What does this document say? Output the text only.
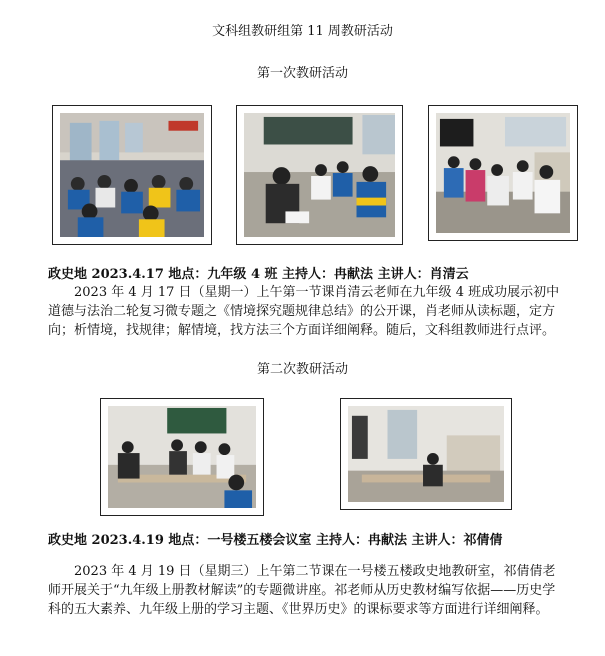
文科组教研组第 11 周教研活动
第一次教研活动
政史地 2023.4.17 地点：九年级 4 班 主持人：冉献法 主讲人：肖清云

2023 年 4 月 17 日（星期一）上午第一节课肖清云老师在九年级 4 班成功展示初中道德与法治二轮复习微专题之《情境探究题规律总结》的公开课，肖老师从读标题，定方向；析情境，找规律；解情境，找方法三个方面详细阐释。随后，文科组教师进行点评。

第二次教研活动
政史地 2023.4.19 地点：一号楼五楼会议室 主持人：冉献法 主讲人：祁倩倩

2023 年 4 月 19 日（星期三）上午第二节课在一号楼五楼政史地教研室，祁倩倩老师开展关于“九年级上册教材解读”的专题微讲座。祁老师从历史教材编写依据——历史学科的五大素养、九年级上册的学习主题、《世界历史》的课标要求等方面进行详细阐释。
